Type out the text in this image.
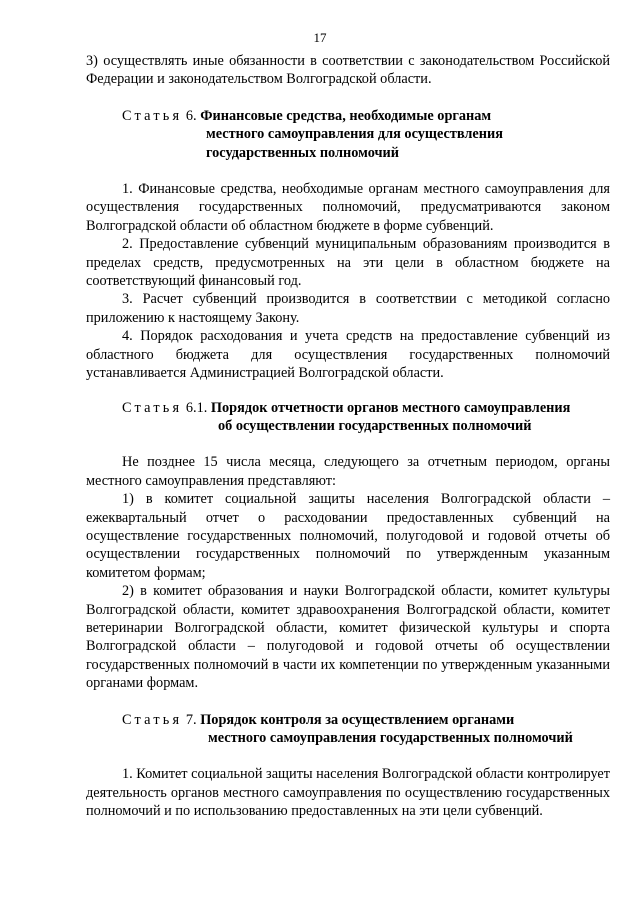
17

3) осуществлять иные обязанности в соответствии с законодательством Российской Федерации и законодательством Волгоградской области.

Статья 6. Финансовые средства, необходимые органам
местного самоуправления для осуществления
государственных полномочий

1. Финансовые средства, необходимые органам местного самоуправления для осуществления государственных полномочий, предусматриваются законом Волгоградской области об областном бюджете в форме субвенций.

2. Предоставление субвенций муниципальным образованиям производится в пределах средств, предусмотренных на эти цели в областном бюджете на соответствующий финансовый год.

3. Расчет субвенций производится в соответствии с методикой согласно приложению к настоящему Закону.

4. Порядок расходования и учета средств на предоставление субвенций из областного бюджета для осуществления государственных полномочий устанавливается Администрацией Волгоградской области.

Статья 6.1. Порядок отчетности органов местного самоуправления
об осуществлении государственных полномочий

Не позднее 15 числа месяца, следующего за отчетным периодом, органы местного самоуправления представляют:

1) в комитет социальной защиты населения Волгоградской области – ежеквартальный отчет о расходовании предоставленных субвенций на осуществление государственных полномочий, полугодовой и годовой отчеты об осуществлении государственных полномочий по утвержденным указанным комитетом формам;

2) в комитет образования и науки Волгоградской области, комитет культуры Волгоградской области, комитет здравоохранения Волгоградской области, комитет ветеринарии Волгоградской области, комитет физической культуры и спорта Волгоградской области – полугодовой и годовой отчеты об осуществлении государственных полномочий в части их компетенции по утвержденным указанными органами формам.

Статья 7. Порядок контроля за осуществлением органами
местного самоуправления государственных полномочий

1. Комитет социальной защиты населения Волгоградской области контролирует деятельность органов местного самоуправления по осуществлению государственных полномочий и по использованию предоставленных на эти цели субвенций.
